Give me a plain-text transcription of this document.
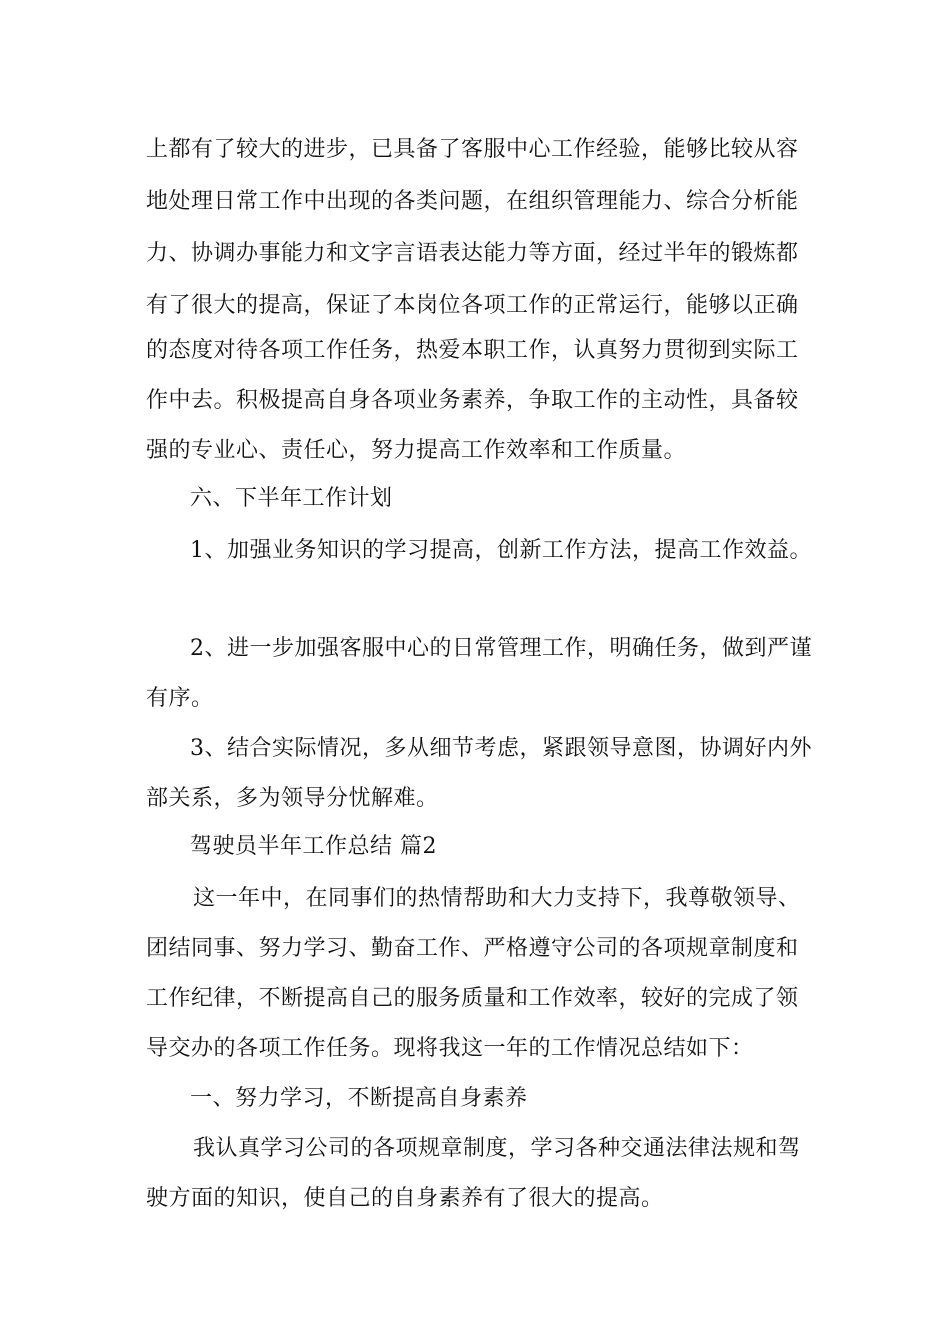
上都有了较大的进步，已具备了客服中心工作经验，能够比较从容
地处理日常工作中出现的各类问题，在组织管理能力、综合分析能
力、协调办事能力和文字言语表达能力等方面，经过半年的锻炼都
有了很大的提高，保证了本岗位各项工作的正常运行，能够以正确
的态度对待各项工作任务，热爱本职工作，认真努力贯彻到实际工
作中去。积极提高自身各项业务素养，争取工作的主动性，具备较
强的专业心、责任心，努力提高工作效率和工作质量。
六、下半年工作计划
1、加强业务知识的学习提高，创新工作方法，提高工作效益。
2、进一步加强客服中心的日常管理工作，明确任务，做到严谨
有序。
3、结合实际情况，多从细节考虑，紧跟领导意图，协调好内外
部关系，多为领导分忧解难。
驾驶员半年工作总结 篇2
这一年中，在同事们的热情帮助和大力支持下，我尊敬领导、
团结同事、努力学习、勤奋工作、严格遵守公司的各项规章制度和
工作纪律，不断提高自己的服务质量和工作效率，较好的完成了领
导交办的各项工作任务。现将我这一年的工作情况总结如下：
一、努力学习，不断提高自身素养
我认真学习公司的各项规章制度，学习各种交通法律法规和驾
驶方面的知识，使自己的自身素养有了很大的提高。
